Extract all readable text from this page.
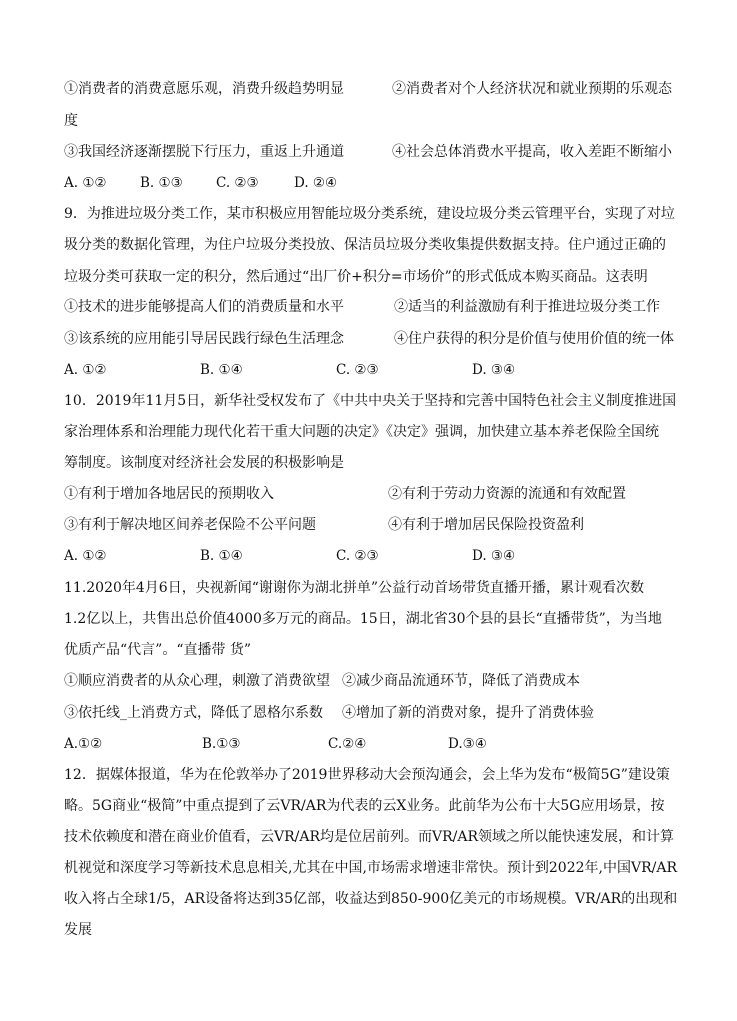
①消费者的消费意愿乐观，消费升级趋势明显	②消费者对个人经济状况和就业预期的乐观态
度
③我国经济逐渐摆脱下行压力，重返上升通道	④社会总体消费水平提高，收入差距不断缩小
A. ①② B. ①③ C. ②③	D. ②④
9．为推进垃圾分类工作，某市积极应用智能垃圾分类系统，建设垃圾分类云管理平台，实现了对垃
圾分类的数据化管理，为住户垃圾分类投放、保洁员垃圾分类收集提供数据支持。住户通过正确的
垃圾分类可获取一定的积分，然后通过“出厂价+积分=市场价”的形式低成本购买商品。这表明
①技术的进步能够提高人们的消费质量和水平	②适当的利益激励有利于推进垃圾分类工作
③该系统的应用能引导居民践行绿色生活理念	④住户获得的积分是价值与使用价值的统一体
A. ①②	B. ①④	C. ②③	D. ③④
10．2019年11月5日，新华社受权发布了《中共中央关于坚持和完善中国特色社会主义制度推进国
家治理体系和治理能力现代化若干重大问题的决定》《决定》强调，加快建立基本养老保险全国统
筹制度。该制度对经济社会发展的积极影响是
①有利于增加各地居民的预期收入	②有利于劳动力资源的流通和有效配置
③有利于解决地区间养老保险不公平问题	④有利于增加居民保险投资盈利
A. ①②	B. ①④	C. ②③	D. ③④
11.2020年4月6日，央视新闻“谢谢你为湖北拼单”公益行动首场带货直播开播，累计观看次数
1.2亿以上，共售出总价值4000多万元的商品。15日，湖北省30个县的县长“直播带货”，为当地
优质产品“代言”。“直播带 货”
①顺应消费者的从众心理，刺激了消费欲望 ②减少商品流通环节，降低了消费成本
③依托线_上消费方式，降低了恩格尔系数 ④增加了新的消费对象，提升了消费体验
A.①②	B.①③	C.②④	D.③④
12．据媒体报道，华为在伦敦举办了2019世界移动大会预沟通会，会上华为发布“极简5G”建设策
略。5G商业“极简”中重点提到了云VR/AR为代表的云X业务。此前华为公布十大5G应用场景，按
技术依赖度和潜在商业价值看，云VR/AR均是位居前列。而VR/AR领域之所以能快速发展，和计算
机视觉和深度学习等新技术息息相关,尤其在中国,市场需求增速非常快。预计到2022年,中国VR/AR
收入将占全球1/5，AR设备将达到35亿部，收益达到850-900亿美元的市场规模。VR/AR的出现和
发展
